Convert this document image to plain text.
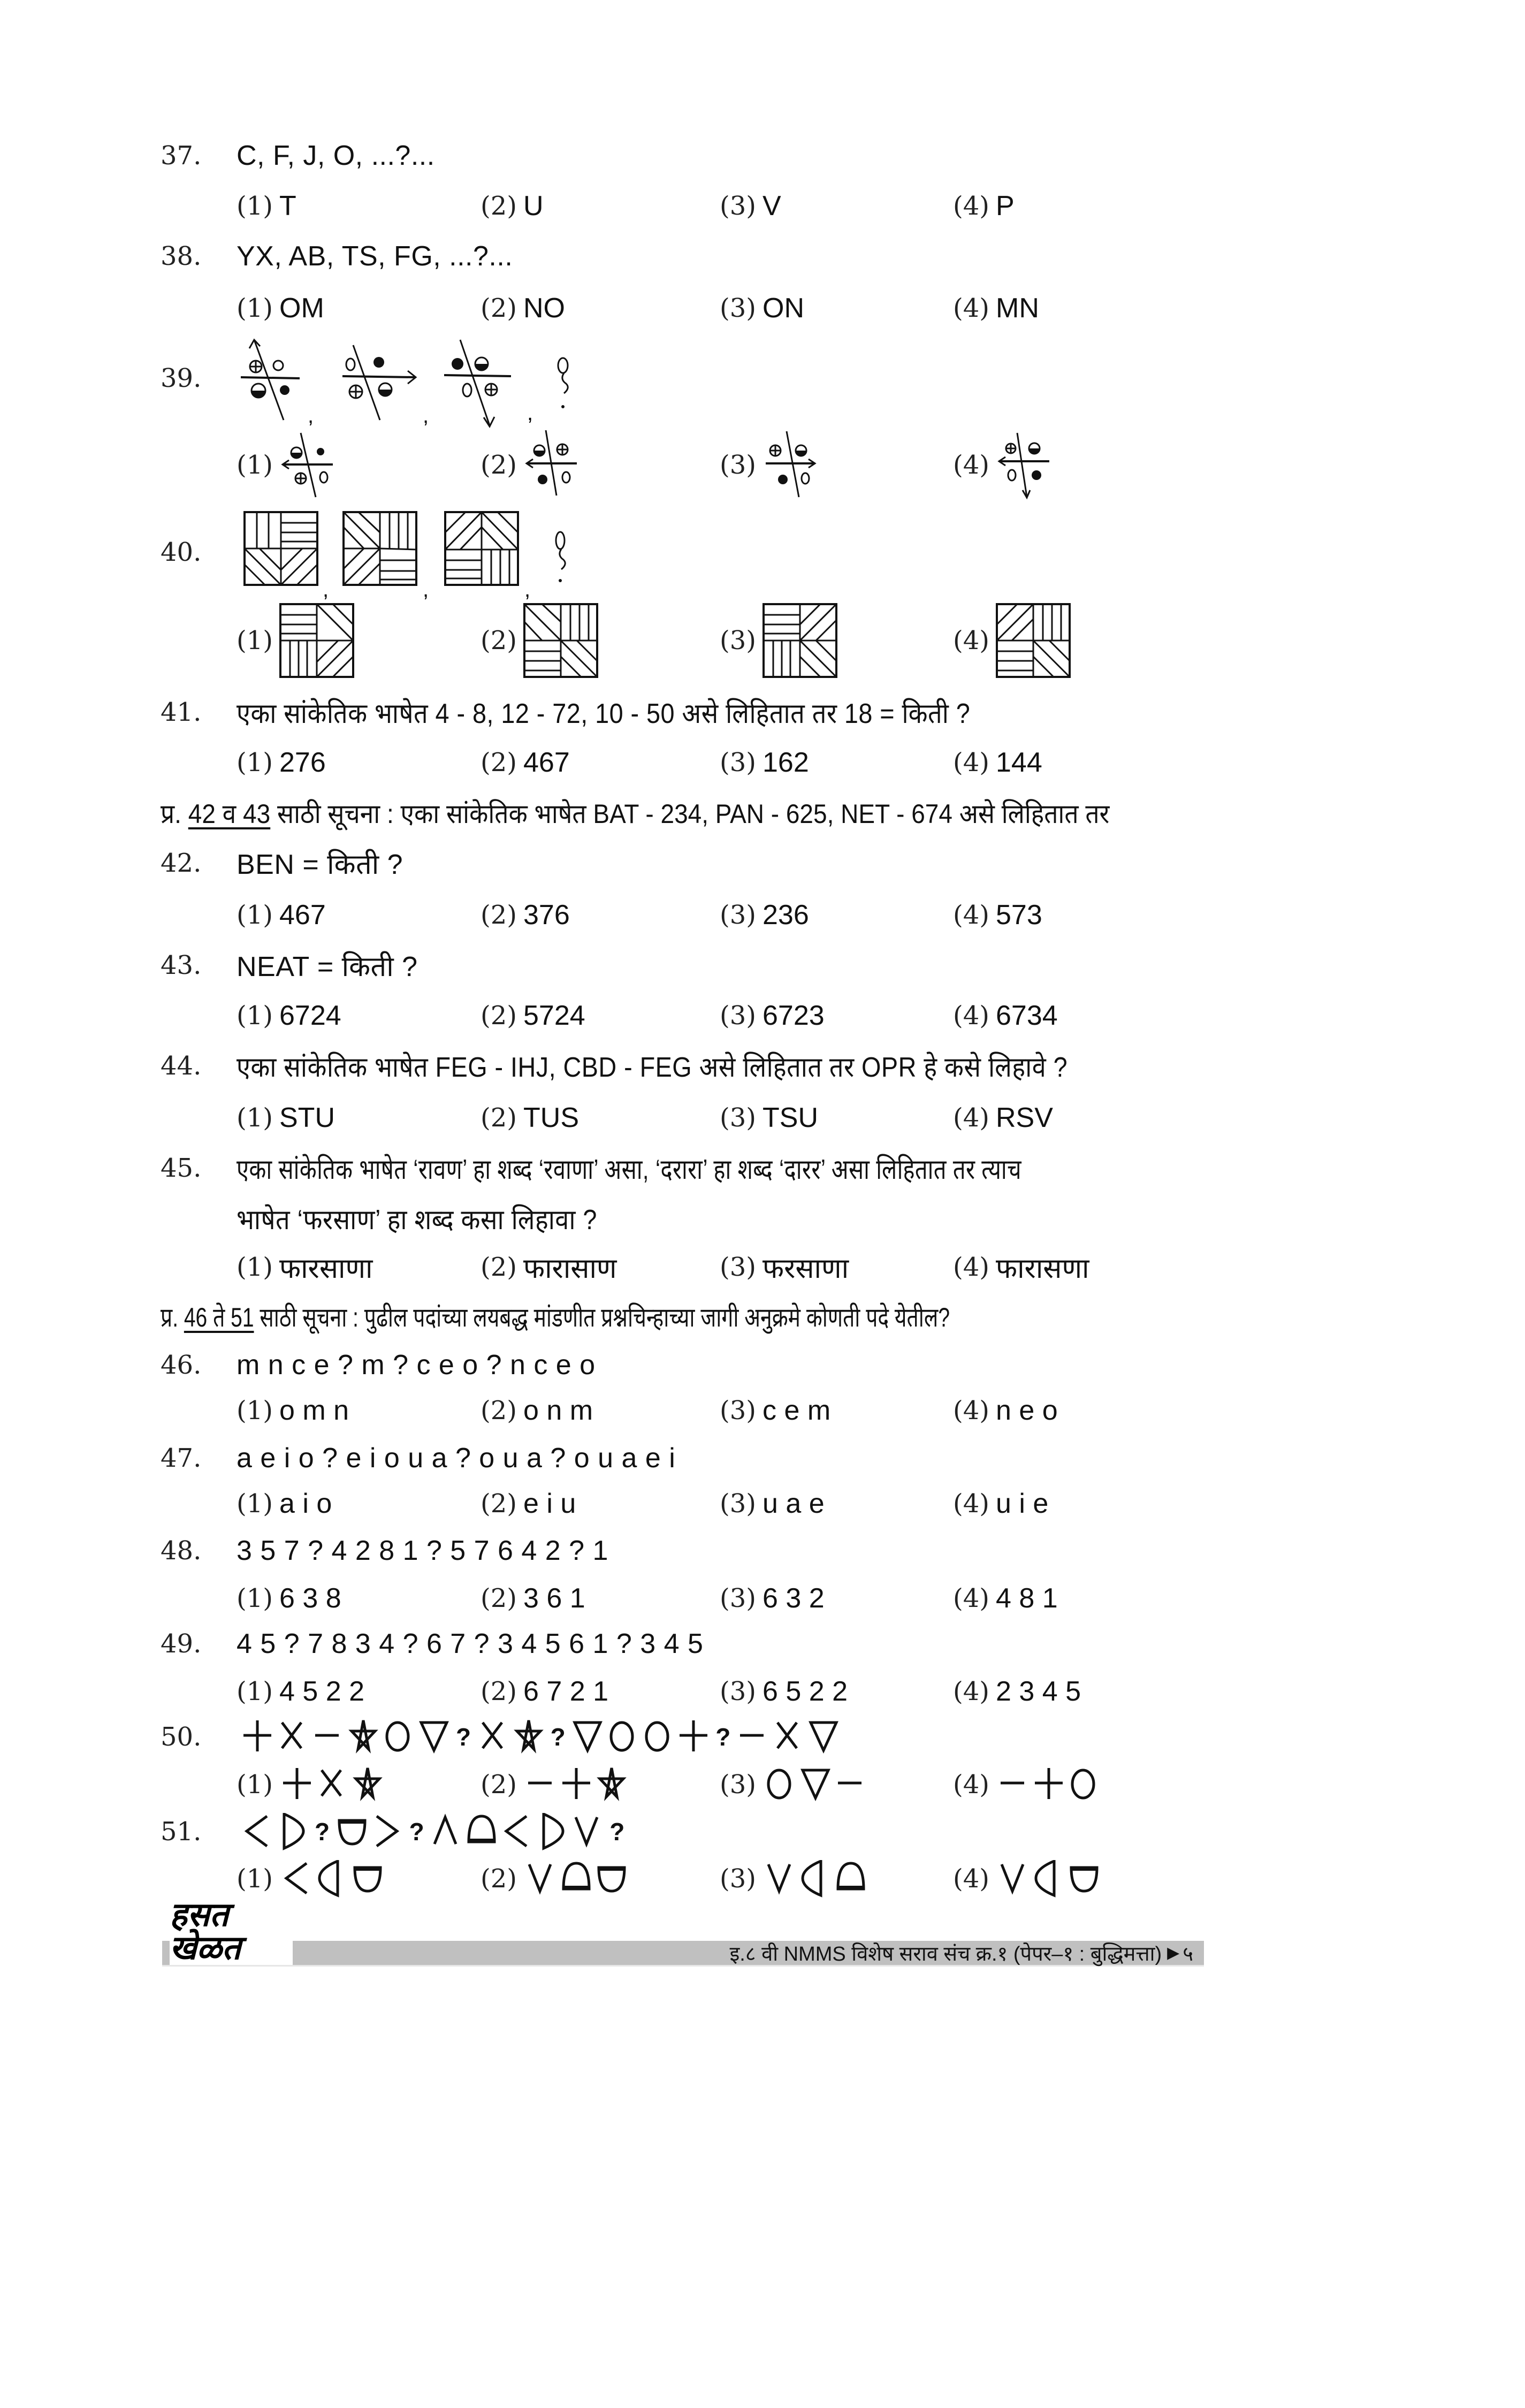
37. C, F, J, O, ...?...
(1) T	(2) U	(3) V	(4) P
38. YX, AB, TS, FG, ...?...
(1) OM	(2) NO	(3) ON	(4) MN
39.
,	,	,
(1)	(2)	(3)	(4)
40.
,	,	,
(1)	(2)	(3)	(4)
41. एका सांकेतिक भाषेत 4 - 8, 12 - 72, 10 - 50 असे लिहितात तर 18 = किती ?
(1) 276	(2) 467	(3) 162	(4) 144
प्र. 42 व 43 साठी सूचना : एका सांकेतिक भाषेत BAT - 234, PAN - 625, NET - 674 असे लिहितात तर
42. BEN = किती ?
(1) 467	(2) 376	(3) 236	(4) 573
43. NEAT = किती ?
(1) 6724	(2) 5724	(3) 6723	(4) 6734
44. एका सांकेतिक भाषेत FEG - IHJ, CBD - FEG असे लिहितात तर OPR हे कसे लिहावे ?
(1) STU	(2) TUS	(3) TSU	(4) RSV
45. एका सांकेतिक भाषेत ‘रावण’ हा शब्द ‘रवाणा’ असा, ‘दरारा’ हा शब्द ‘दारर’ असा लिहितात तर त्याच
भाषेत ‘फरसाण’ हा शब्द कसा लिहावा ?
(1) फारसाणा	(2) फारासाण	(3) फरसाणा	(4) फारासणा
प्र. 46 ते 51 साठी सूचना : पुढील पदांच्या लयबद्ध मांडणीत प्रश्नचिन्हाच्या जागी अनुक्रमे कोणती पदे येतील?
46. m n c e ? m ? c e o ? n c e o
(1) o m n	(2) o n m	(3) c e m	(4) n e o
47. a e i o ? e i o u a ? o u a ? o u a e i
(1) a i o	(2) e i u	(3) u a e	(4) u i e
48. 3 5 7 ? 4 2 8 1 ? 5 7 6 4 2 ? 1
(1) 6 3 8	(2) 3 6 1	(3) 6 3 2	(4) 4 8 1
49. 4 5 ? 7 8 3 4 ? 6 7 ? 3 4 5 6 1 ? 3 4 5
(1) 4 5 2 2	(2) 6 7 2 1	(3) 6 5 2 2	(4) 2 3 4 5
50.	?	?	?
(1)	(2)	(3)	(4)
51.	?	?	?
(1)	(2)	(3)	(4)
हसत खेळत	इ.८ वी NMMS विशेष सराव संच क्र.१ (पेपर–१ : बुद्धिमत्ता) ▶ ५
